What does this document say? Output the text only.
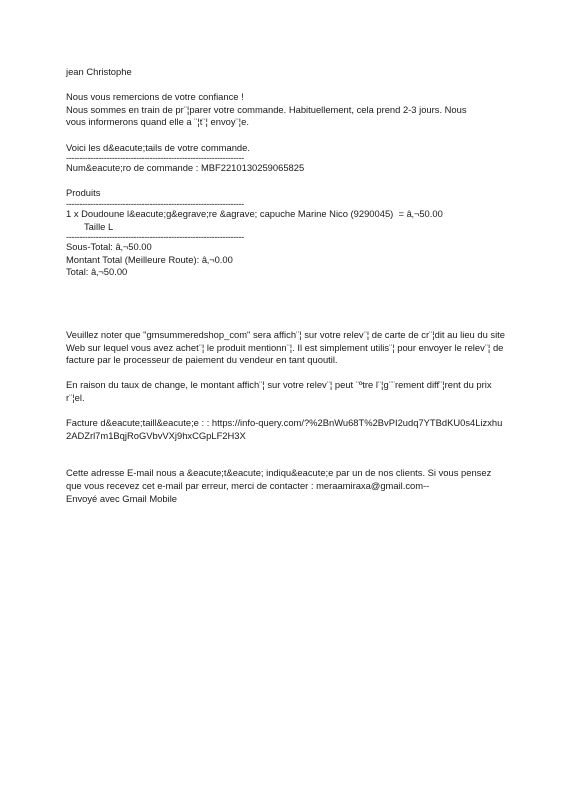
jean Christophe
Nous vous remercions de votre confiance !
Nous sommes en train de pr¨¦parer votre commande. Habituellement, cela prend 2-3 jours. Nous
vous informerons quand elle a ¨¦t¨¦ envoy¨¦e.
Voici les d&eacute;tails de votre commande.
------------------------------------------------------------------
Num&eacute;ro de commande : MBF2210130259065825
Produits
------------------------------------------------------------------
1 x Doudoune l&eacute;g&egrave;re &agrave; capuche Marine Nico (9290045)  = â‚¬50.00
Taille L
------------------------------------------------------------------
Sous-Total: â‚¬50.00
Montant Total (Meilleure Route): â‚¬0.00
Total: â‚¬50.00
Veuillez noter que "gmsummeredshop_com" sera affich¨¦ sur votre relev¨¦ de carte de cr¨¦dit au lieu du site Web sur lequel vous avez achet¨¦ le produit mentionn¨¦. Il est simplement utilis¨¦ pour envoyer le relev¨¦ de facture par le processeur de paiement du vendeur en tant quoutil.
En raison du taux de change, le montant affich¨¦ sur votre relev¨¦ peut ¨ºtre l¨¦g¨¨rement diff¨¦rent du prix r¨¦el.
Facture d&eacute;taill&eacute;e : : https://info-query.com/?%2BnWu68T%2BvPI2udq7YTBdKU0s4Lizxhu2ADZrl7m1BqjRoGVbvVXj9hxCGpLF2H3X
Cette adresse E-mail nous a &eacute;t&eacute; indiqu&eacute;e par un de nos clients. Si vous pensez que vous recevez cet e-mail par erreur, merci de contacter : meraamiraxa@gmail.com--
Envoyé avec Gmail Mobile
